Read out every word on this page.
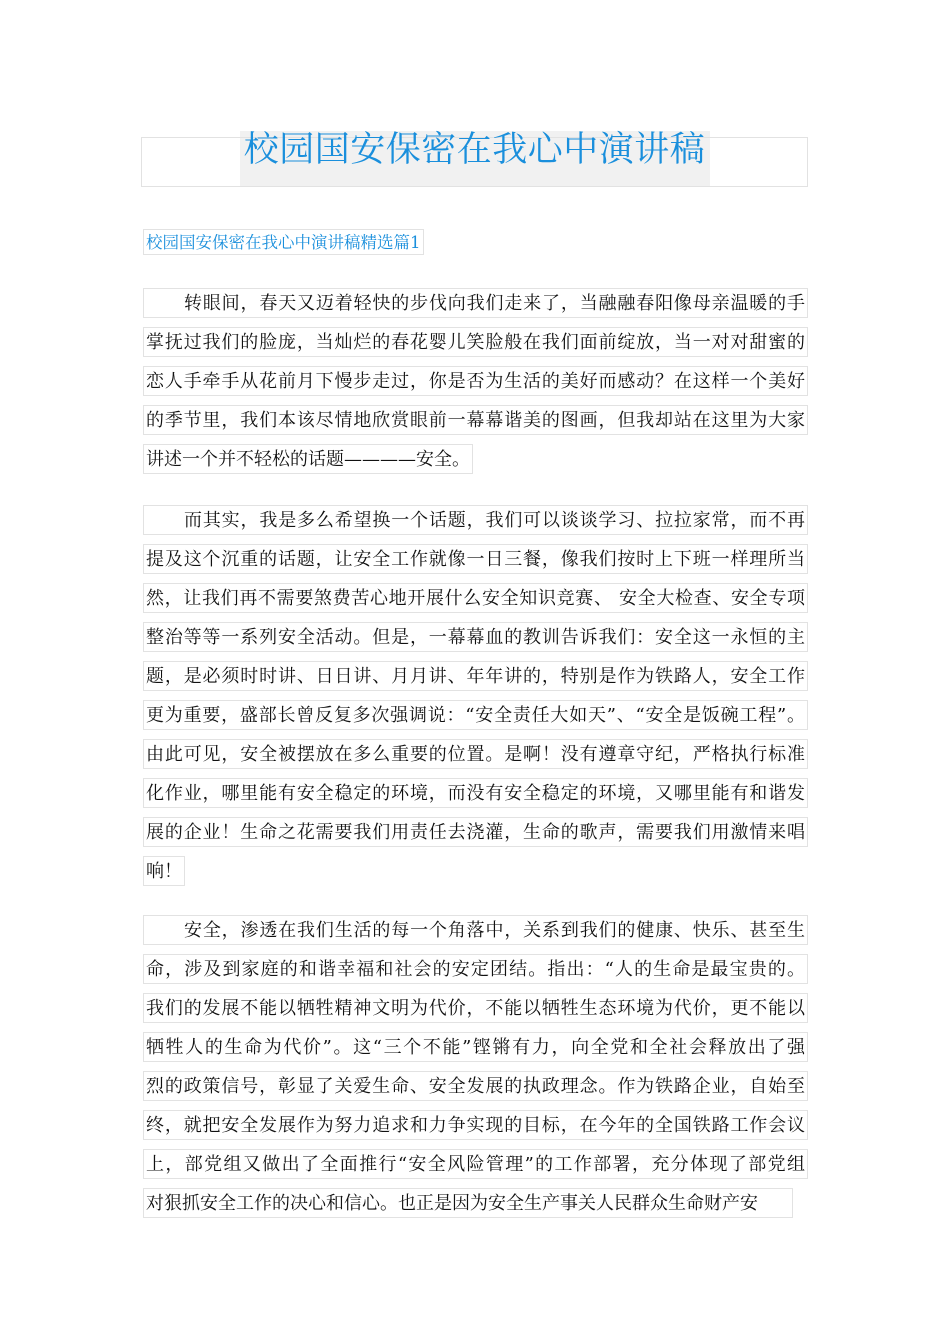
校园国安保密在我心中演讲稿
校园国安保密在我心中演讲稿精选篇1
转眼间，春天又迈着轻快的步伐向我们走来了，当融融春阳像母亲温暖的手
掌抚过我们的脸庞，当灿烂的春花婴儿笑脸般在我们面前绽放，当一对对甜蜜的
恋人手牵手从花前月下慢步走过，你是否为生活的美好而感动？在这样一个美好
的季节里，我们本该尽情地欣赏眼前一幕幕谐美的图画，但我却站在这里为大家
讲述一个并不轻松的话题————安全。
而其实，我是多么希望换一个话题，我们可以谈谈学习、拉拉家常，而不再
提及这个沉重的话题，让安全工作就像一日三餐，像我们按时上下班一样理所当
然，让我们再不需要煞费苦心地开展什么安全知识竞赛、 安全大检查、安全专项
整治等等一系列安全活动。但是，一幕幕血的教训告诉我们：安全这一永恒的主
题，是必须时时讲、日日讲、月月讲、年年讲的，特别是作为铁路人，安全工作
更为重要，盛部长曾反复多次强调说：“安全责任大如天”、“安全是饭碗工程”。
由此可见，安全被摆放在多么重要的位置。是啊！没有遵章守纪，严格执行标准
化作业，哪里能有安全稳定的环境，而没有安全稳定的环境，又哪里能有和谐发
展的企业！生命之花需要我们用责任去浇灌，生命的歌声，需要我们用激情来唱
响！
安全，渗透在我们生活的每一个角落中，关系到我们的健康、快乐、甚至生
命，涉及到家庭的和谐幸福和社会的安定团结。指出：“人的生命是最宝贵的。
我们的发展不能以牺牲精神文明为代价，不能以牺牲生态环境为代价，更不能以
牺牲人的生命为代价”。这“三个不能”铿锵有力，向全党和全社会释放出了强
烈的政策信号，彰显了关爱生命、安全发展的执政理念。作为铁路企业，自始至
终，就把安全发展作为努力追求和力争实现的目标，在今年的全国铁路工作会议
上，部党组又做出了全面推行“安全风险管理”的工作部署，充分体现了部党组
对狠抓安全工作的决心和信心。也正是因为安全生产事关人民群众生命财产安
